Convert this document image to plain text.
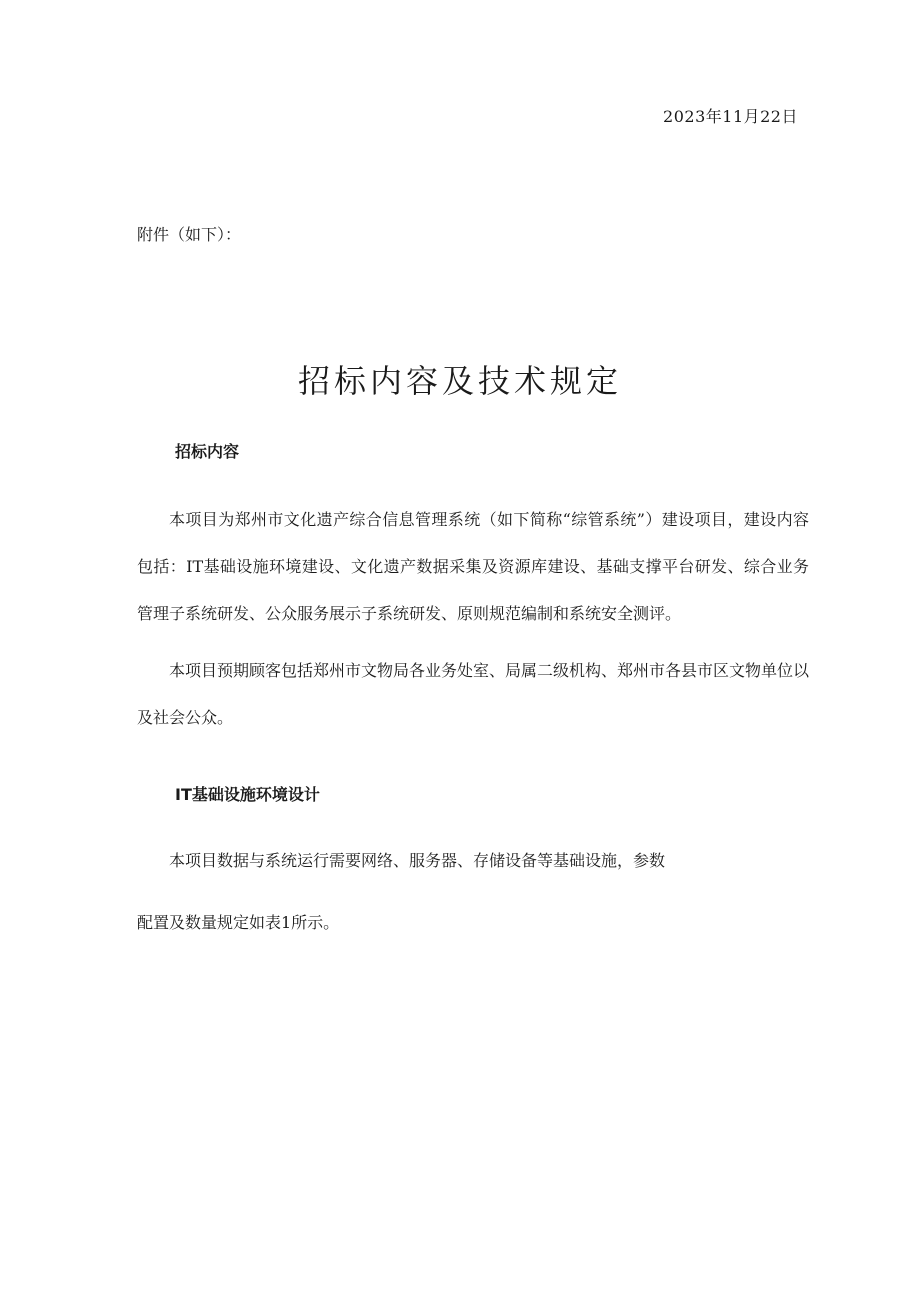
2023年11月22日
附件（如下）：
招标内容及技术规定
招标内容

本项目为郑州市文化遗产综合信息管理系统（如下简称“综管系统”）建设项目，建设内容包括：IT基础设施环境建设、文化遗产数据采集及资源库建设、基础支撑平台研发、综合业务管理子系统研发、公众服务展示子系统研发、原则规范编制和系统安全测评。

本项目预期顾客包括郑州市文物局各业务处室、局属二级机构、郑州市各县市区文物单位以及社会公众。

IT基础设施环境设计

本项目数据与系统运行需要网络、服务器、存储设备等基础设施，参数

配置及数量规定如表1所示。
